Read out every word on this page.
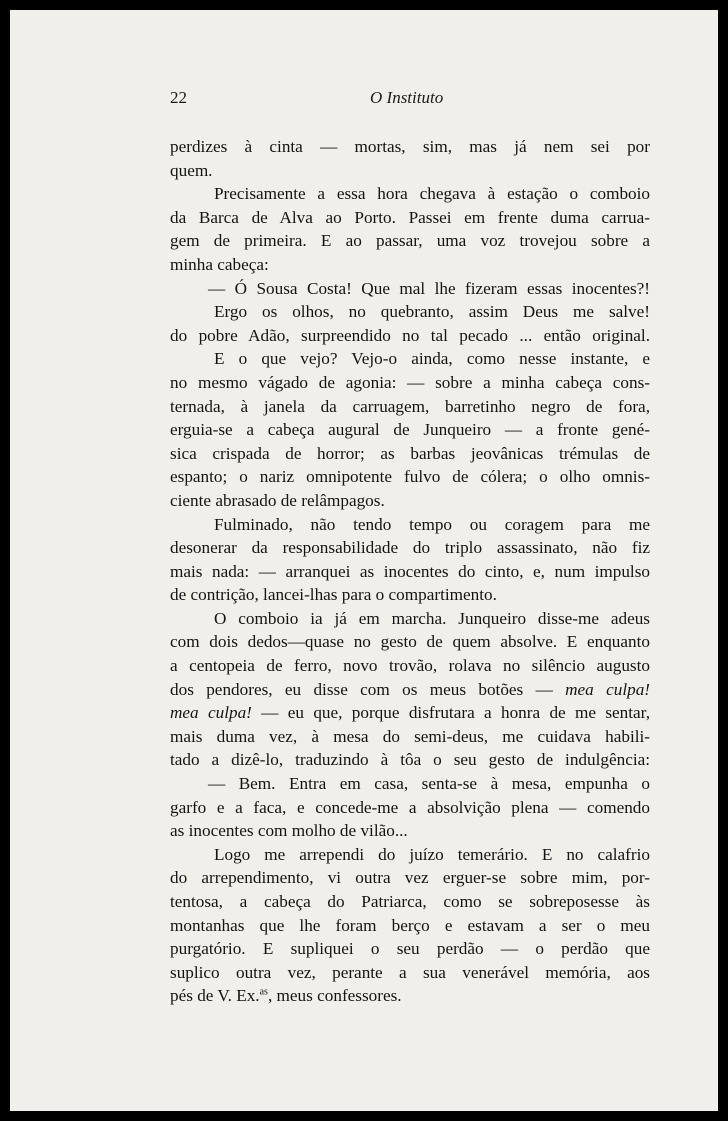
22	O Instituto
perdizes à cinta — mortas, sim, mas já nem sei por
quem.
Precisamente a essa hora chegava à estação o comboio
da Barca de Alva ao Porto. Passei em frente duma carrua-
gem de primeira. E ao passar, uma voz trovejou sobre a
minha cabeça:
— Ó Sousa Costa! Que mal lhe fizeram essas inocentes?!
Ergo os olhos, no quebranto, assim Deus me salve!
do pobre Adão, surpreendido no tal pecado ... então original.
E o que vejo? Vejo-o ainda, como nesse instante, e
no mesmo vágado de agonia: — sobre a minha cabeça cons-
ternada, à janela da carruagem, barretinho negro de fora,
erguia-se a cabeça augural de Junqueiro — a fronte gené-
sica crispada de horror; as barbas jeovânicas trémulas de
espanto; o nariz omnipotente fulvo de cólera; o olho omnis-
ciente abrasado de relâmpagos.
Fulminado, não tendo tempo ou coragem para me
desonerar da responsabilidade do triplo assassinato, não fiz
mais nada: — arranquei as inocentes do cinto, e, num impulso
de contrição, lancei-lhas para o compartimento.
O comboio ia já em marcha. Junqueiro disse-me adeus
com dois dedos—quase no gesto de quem absolve. E enquanto
a centopeia de ferro, novo trovão, rolava no silêncio augusto
dos pendores, eu disse com os meus botões — mea culpa!
mea culpa! — eu que, porque disfrutara a honra de me sentar,
mais duma vez, à mesa do semi-deus, me cuidava habili-
tado a dizê-lo, traduzindo à tôa o seu gesto de indulgência:
— Bem. Entra em casa, senta-se à mesa, empunha o
garfo e a faca, e concede-me a absolvição plena — comendo
as inocentes com molho de vilão...
Logo me arrependi do juízo temerário. E no calafrio
do arrependimento, vi outra vez erguer-se sobre mim, por-
tentosa, a cabeça do Patriarca, como se sobreposesse às
montanhas que lhe foram berço e estavam a ser o meu
purgatório. E supliquei o seu perdão — o perdão que
suplico outra vez, perante a sua venerável memória, aos
pés de V. Ex.$^{as}$, meus confessores.
